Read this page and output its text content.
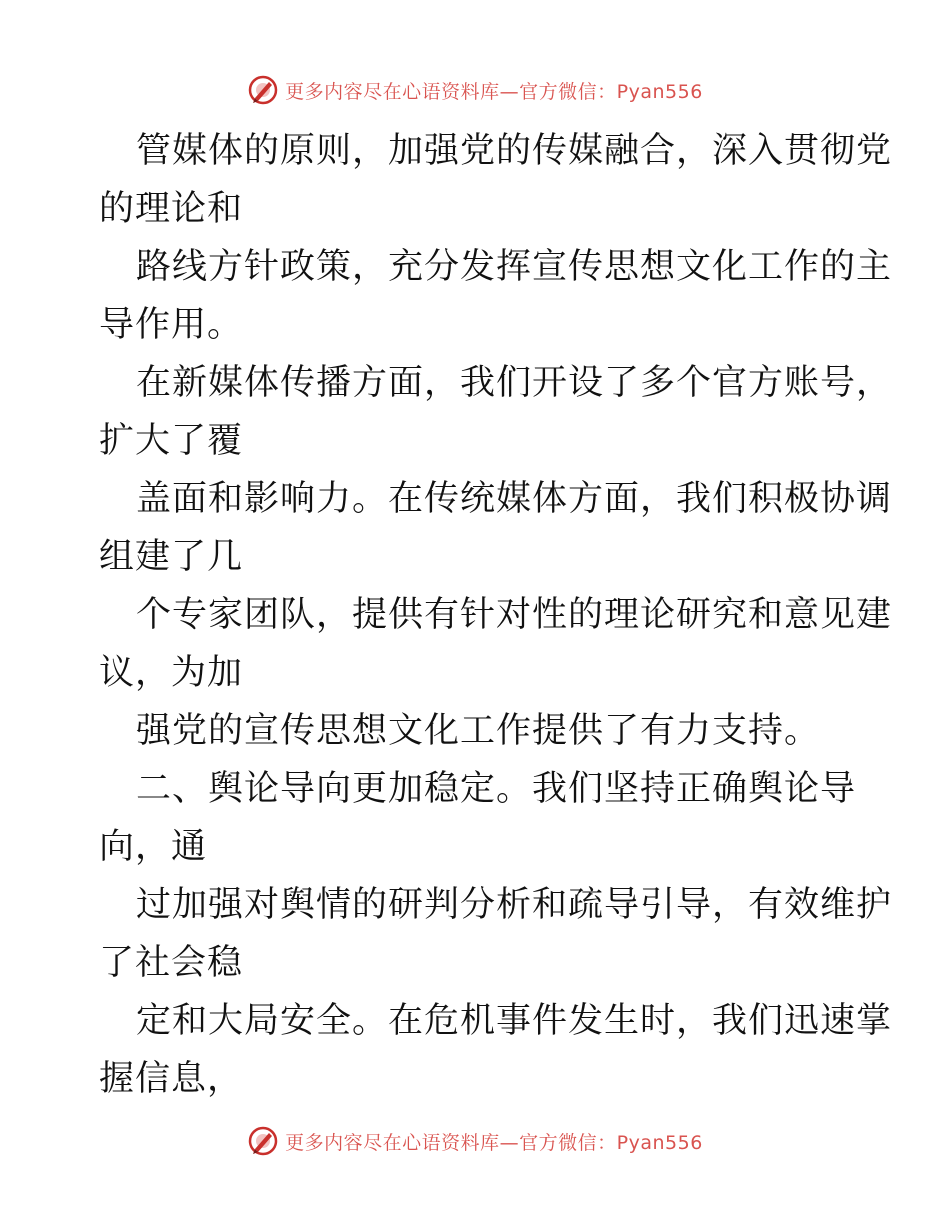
更多内容尽在心语资料库—官方微信：Pyan556
管媒体的原则，加强党的传媒融合，深入贯彻党
的理论和
路线方针政策，充分发挥宣传思想文化工作的主
导作用。
在新媒体传播方面，我们开设了多个官方账号，
扩大了覆
盖面和影响力。在传统媒体方面，我们积极协调
组建了几
个专家团队，提供有针对性的理论研究和意见建
议，为加
强党的宣传思想文化工作提供了有力支持。
二、舆论导向更加稳定。我们坚持正确舆论导
向，通
过加强对舆情的研判分析和疏导引导，有效维护
了社会稳
定和大局安全。在危机事件发生时，我们迅速掌
握信息，
更多内容尽在心语资料库—官方微信：Pyan556
